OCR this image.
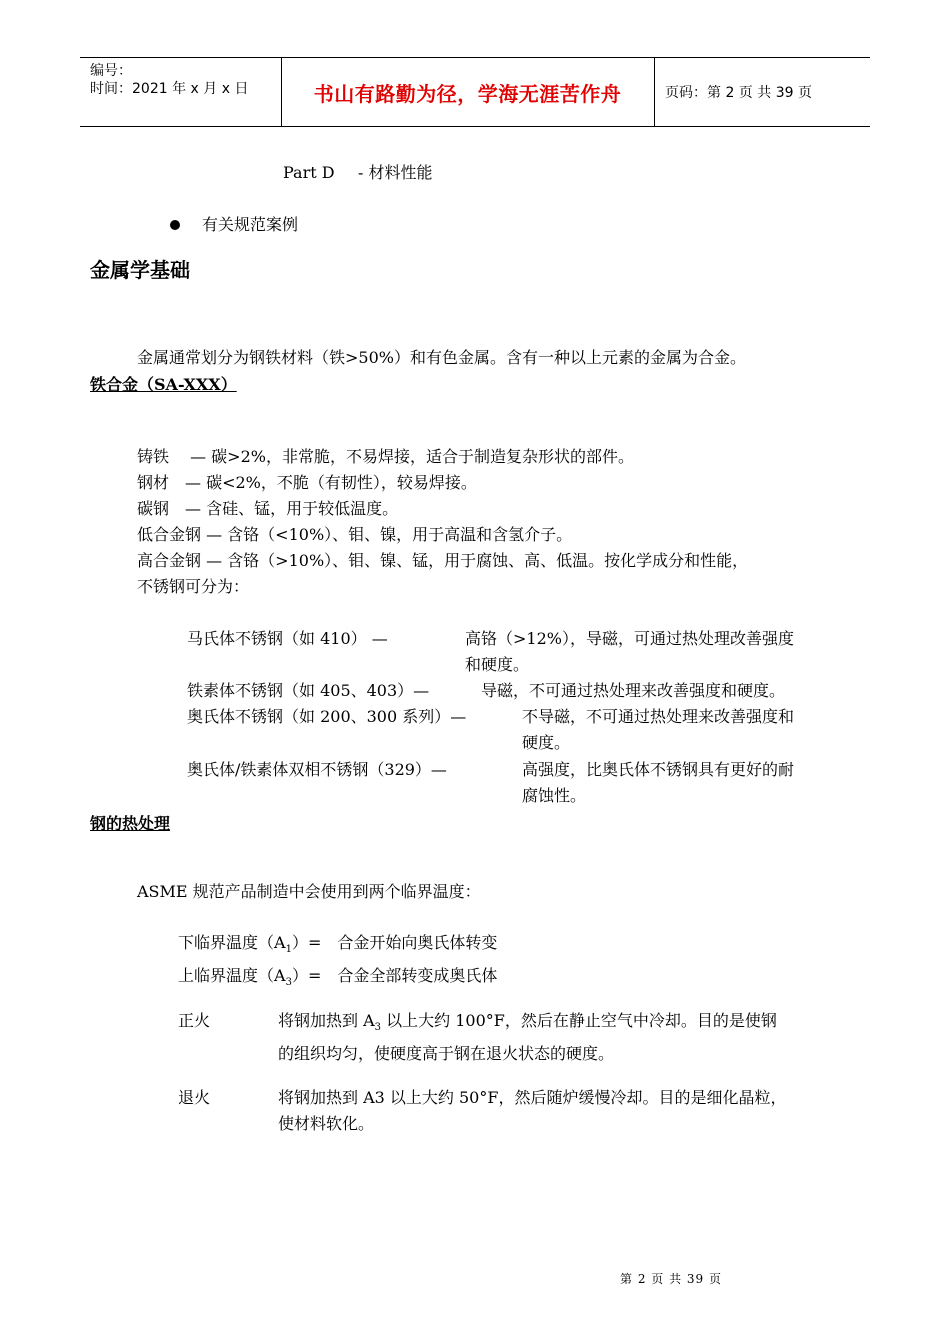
编号：
时间：2021 年 x 月 x 日	书山有路勤为径，学海无涯苦作舟	页码：第 2 页 共 39 页
Part D - 材料性能
有关规范案例
金属学基础
金属通常划分为钢铁材料（铁>50%）和有色金属。含有一种以上元素的金属为合金。
铁合金（SA-XXX）
铸铁　 — 碳>2%，非常脆，不易焊接，适合于制造复杂形状的部件。
钢材　— 碳<2%，不脆（有韧性），较易焊接。
碳钢　— 含硅、锰，用于较低温度。
低合金钢 — 含铬（<10%）、钼、镍，用于高温和含氢介子。
高合金钢 — 含铬（>10%）、钼、镍、锰，用于腐蚀、高、低温。按化学成分和性能，
不锈钢可分为：
马氏体不锈钢（如 410） —	高铬（>12%），导磁，可通过热处理改善强度
和硬度。
铁素体不锈钢（如 405、403）—	导磁，不可通过热处理来改善强度和硬度。
奥氏体不锈钢（如 200、300 系列）—	不导磁，不可通过热处理来改善强度和
硬度。
奥氏体/铁素体双相不锈钢（329）—	高强度，比奥氏体不锈钢具有更好的耐
腐蚀性。
钢的热处理
ASME 规范产品制造中会使用到两个临界温度：
下临界温度$(A_1)=$　合金开始向奥氏体转变
上临界温度$(A_3)=$　合金全部转变成奥氏体
正火	将钢加热到 $A_3$ 以上大约 100°F，然后在静止空气中冷却。目的是使钢
的组织均匀，使硬度高于钢在退火状态的硬度。
退火	将钢加热到 A3 以上大约 50°F，然后随炉缓慢冷却。目的是细化晶粒，
使材料软化。
第 2 页 共 39 页
